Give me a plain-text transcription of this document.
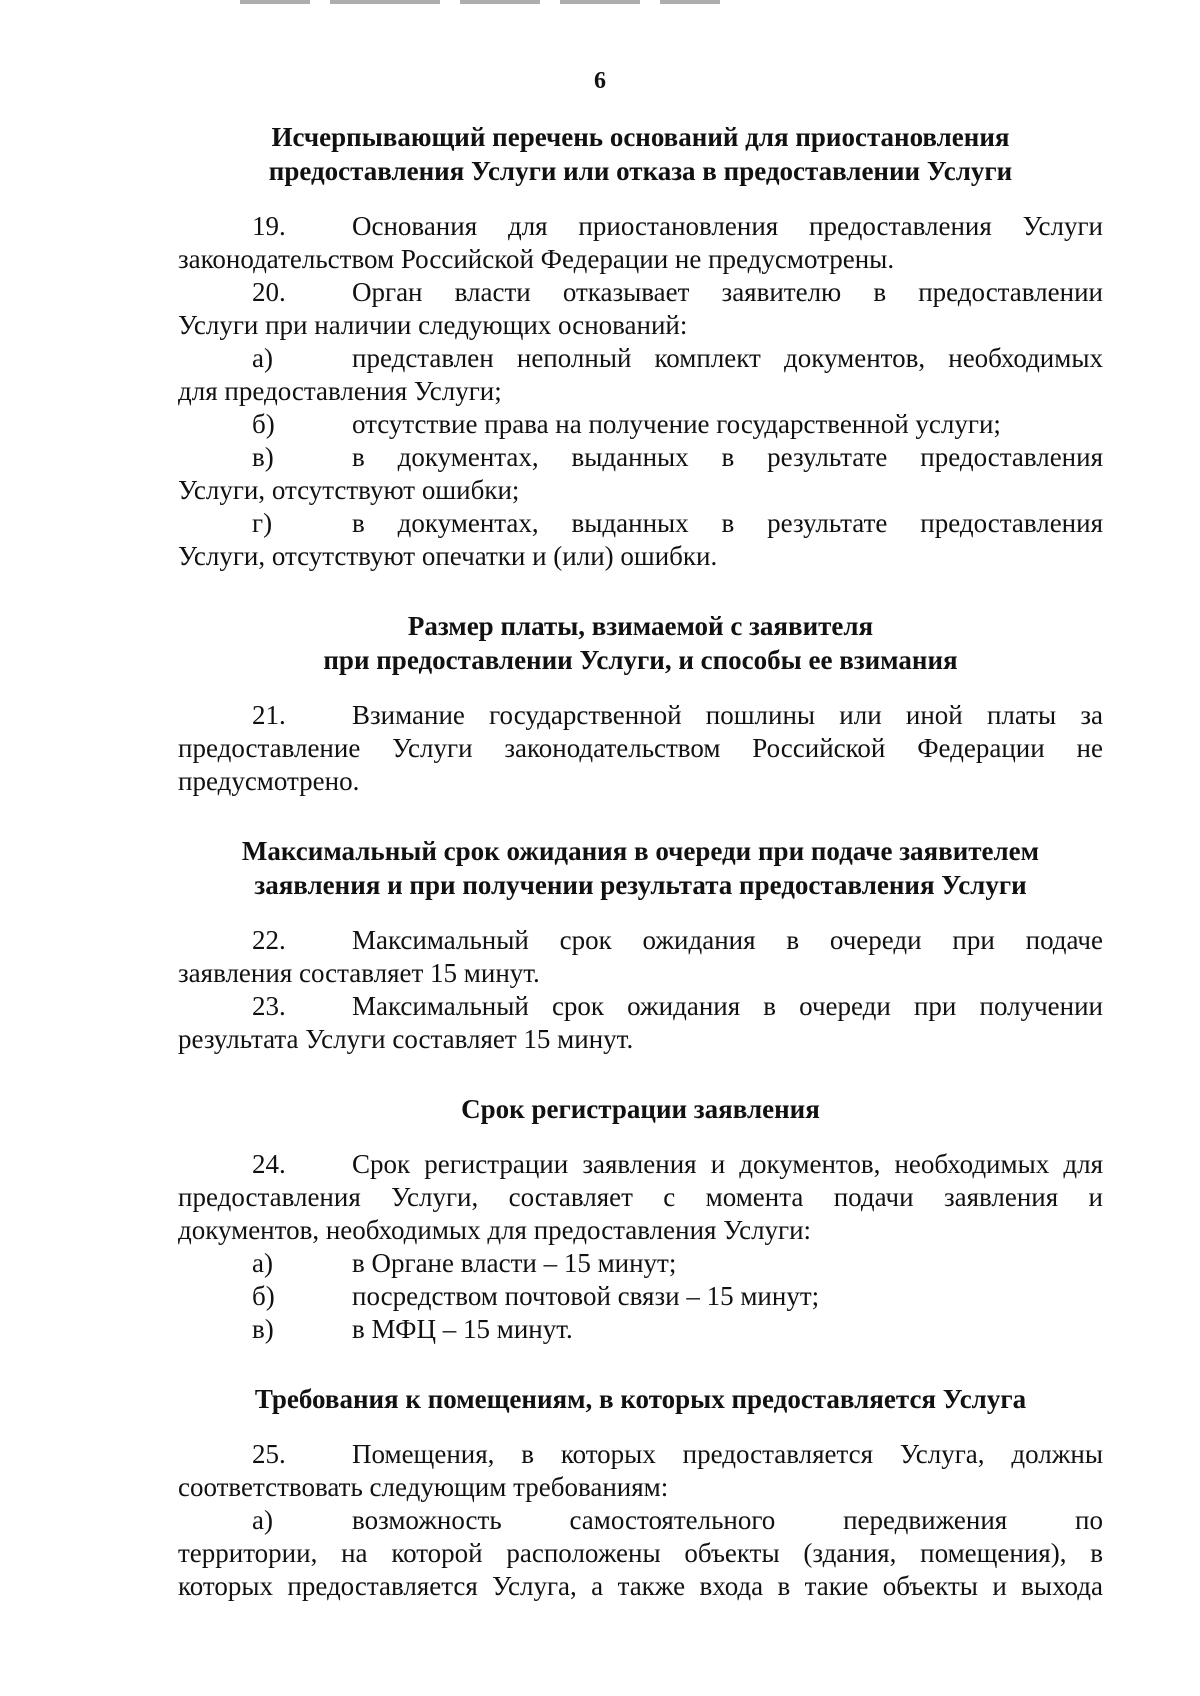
6

Исчерпывающий перечень оснований для приостановления
предоставления Услуги или отказа в предоставлении Услуги

19. Основания для приостановления предоставления Услуги

законодательством Российской Федерации не предусмотрены.

20. Орган власти отказывает заявителю в предоставлении

Услуги при наличии следующих оснований:

а)	представлен неполный комплект документов, необходимых

для предоставления Услуги;

б)	отсутствие права на получение государственной услуги;

в)	в документах, выданных в результате предоставления

Услуги, отсутствуют ошибки;

г)	в документах, выданных в результате предоставления

Услуги, отсутствуют опечатки и (или) ошибки.

Размер платы, взимаемой с заявителя
при предоставлении Услуги, и способы ее взимания

21. Взимание государственной пошлины или иной платы за

предоставление Услуги законодательством Российской Федерации не

предусмотрено.

Максимальный срок ожидания в очереди при подаче заявителем
заявления и при получении результата предоставления Услуги

22. Максимальный срок ожидания в очереди при подаче

заявления составляет 15 минут.

23. Максимальный срок ожидания в очереди при получении

результата Услуги составляет 15 минут.

Срок регистрации заявления

24. Срок регистрации заявления и документов, необходимых для

предоставления Услуги, составляет с момента подачи заявления и

документов, необходимых для предоставления Услуги:

а)	в Органе власти – 15 минут;

б)	посредством почтовой связи – 15 минут;

в)	в МФЦ – 15 минут.

Требования к помещениям, в которых предоставляется Услуга

25. Помещения, в которых предоставляется Услуга, должны

соответствовать следующим требованиям:

а)	возможность самостоятельного передвижения по

территории, на которой расположены объекты (здания, помещения), в

которых предоставляется Услуга, а также входа в такие объекты и выхода
